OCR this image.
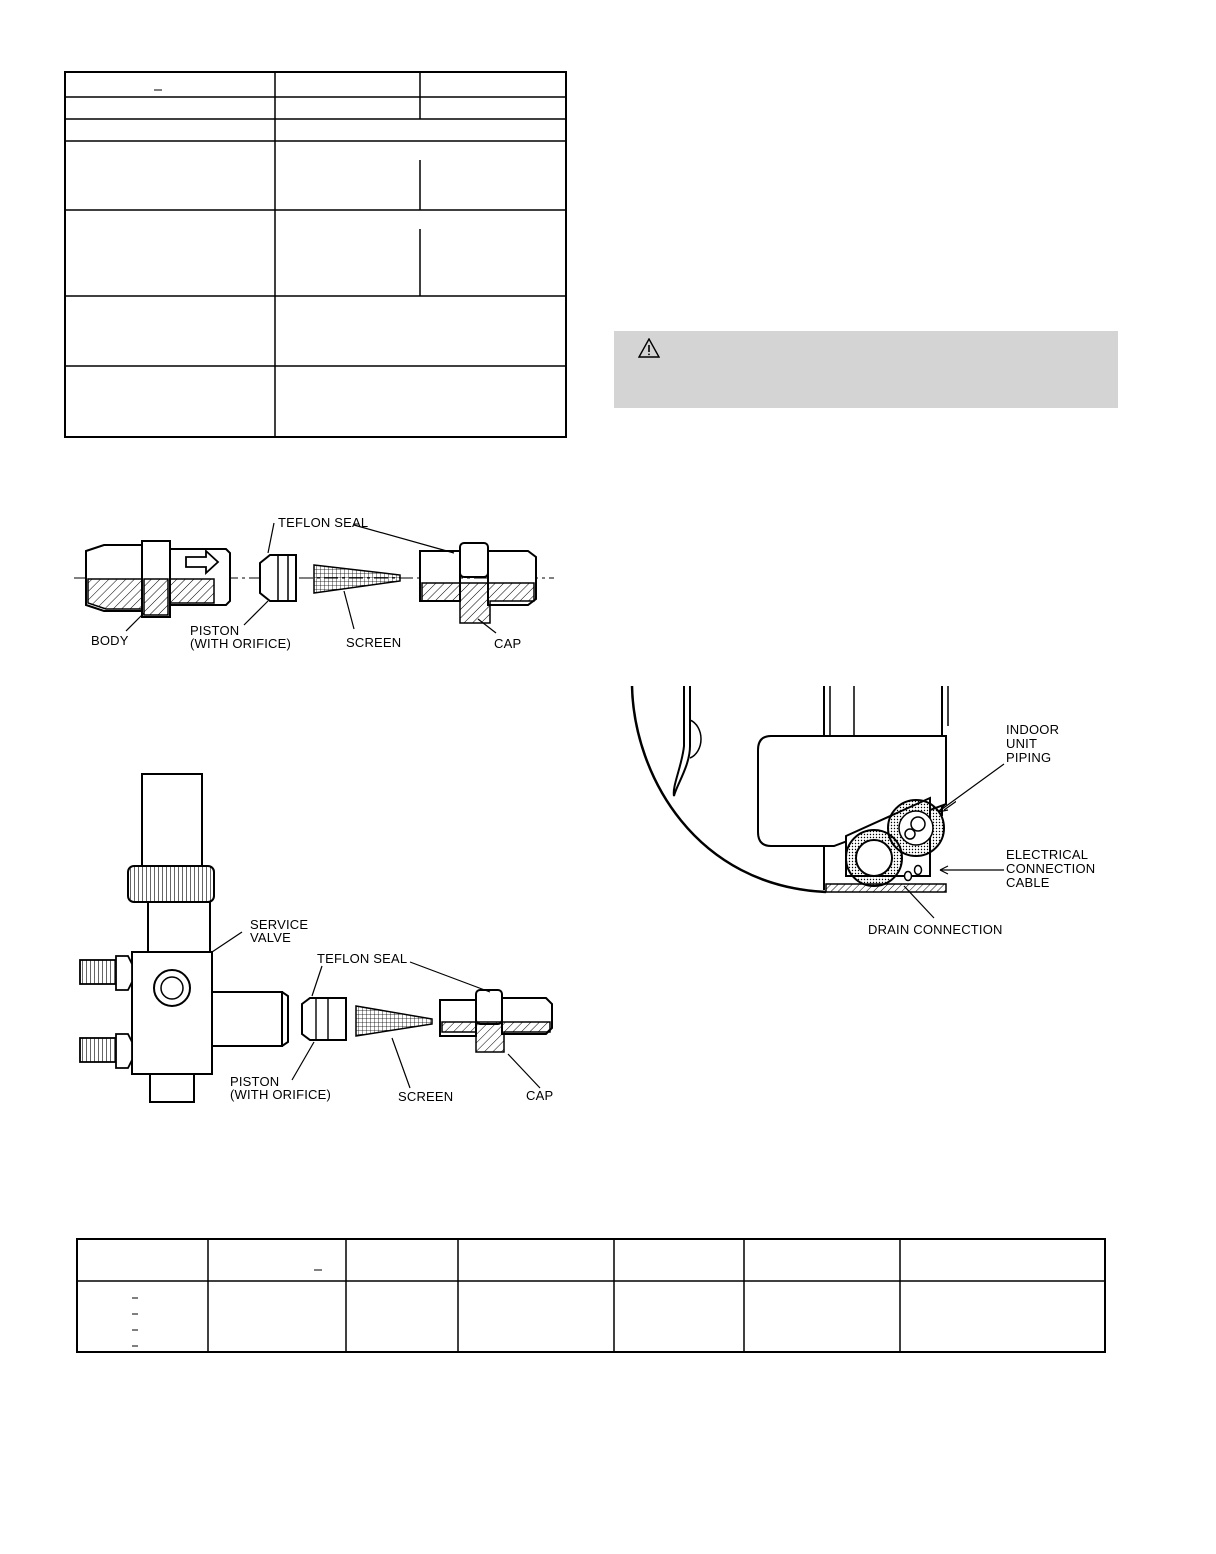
TEFLON SEAL
BODY
PISTON
(WITH ORIFICE)	SCREEN	CAP
SERVICE
VALVE
TEFLON SEAL
PISTON
(WITH ORIFICE)	SCREEN	CAP
INDOOR
UNIT
PIPING
ELECTRICAL
CONNECTION
CABLE
DRAIN CONNECTION
